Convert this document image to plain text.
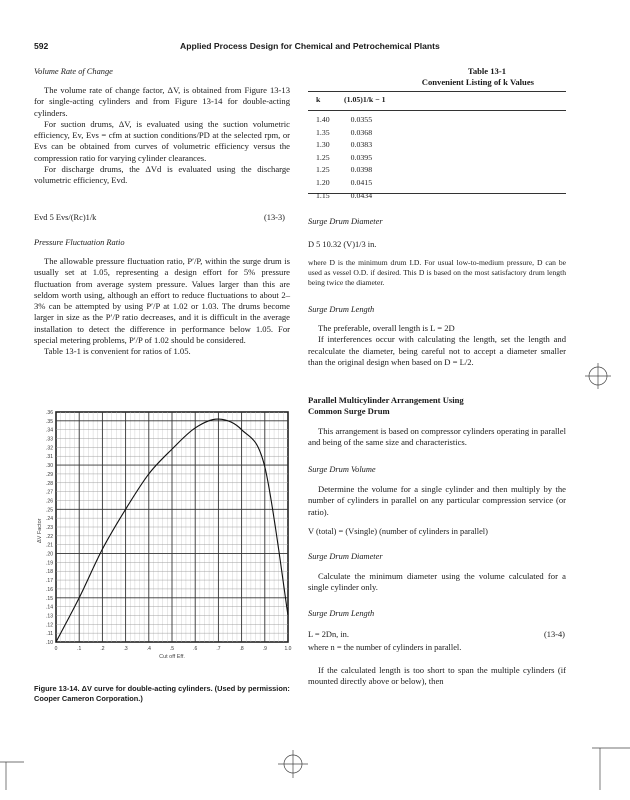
592	Applied Process Design for Chemical and Petrochemical Plants
Volume Rate of Change

The volume rate of change factor, ΔV, is obtained from Figure 13-13 for single-acting cylinders and from Figure 13-14 for double-acting cylinders.

For suction drums, ΔV, is evaluated using the suction volumetric efficiency, Ev, Evs = cfm at suction conditions/PD at the selected rpm, or Evs can be obtained from curves of volumetric efficiency versus the compression ratio for varying cylinder clearances.

For discharge drums, the ΔVd is evaluated using the discharge volumetric efficiency, Evd.

Evd 5 Evs/(Rc)1/k	(13-3)
Pressure Fluctuation Ratio

The allowable pressure fluctuation ratio, P′/P, within the surge drum is usually set at 1.05, representing a design effort for 5% pressure fluctuation from average system pressure. Values larger than this are seldom worth using, although an effort to reduce fluctuations to about 2–3% can be attempted by using P′/P at 1.02 or 1.03. The drums become larger in size as the P′/P ratio decreases, and it is difficult in the average installation to detect the difference in performance below 1.05. For special metering problems, P′/P of 1.02 should be considered.

Table 13-1 is convenient for ratios of 1.05.

.36
.35
.34
.33
.32
.31
.30
.29
.28
.27
.26
.25
.24
.23
.22
.21
.20
.19
.18
.17
.16
.15
.14
.13
.12
.11
.10
0	.1	.2	.3	.4	.5	.6	.7	.8	.9	1.0
ΔV Factor
Cut off Eff.
Figure 13-14. ΔV curve for double-acting cylinders. (Used by permission: Cooper Cameron Corporation.)
Table 13-1
Convenient Listing of k Values
k	(1.05)1/k − 1
1.40	0.0355
1.35	0.0368
1.30	0.0383
1.25	0.0395
1.25	0.0398
1.20	0.0415
1.15	0.0434
Surge Drum Diameter
D 5 10.32 (V)1/3 in.
where D is the minimum drum I.D. For usual low-to-medium pressure, D can be used as vessel O.D. if desired. This D is based on the most satisfactory drum length being twice the diameter.
Surge Drum Length

The preferable, overall length is L = 2D

If interferences occur with calculating the length, set the length and recalculate the diameter, being careful not to accept a diameter smaller than the original design when based on D = L/2.

Parallel Multicylinder Arrangement Using
Common Surge Drum

This arrangement is based on compressor cylinders operating in parallel and being of the same size and characteristics.

Surge Drum Volume

Determine the volume for a single cylinder and then multiply by the number of cylinders in parallel on any particular compression service (or ratio).

V (total) = (Vsingle) (number of cylinders in parallel)
Surge Drum Diameter

Calculate the minimum diameter using the volume calculated for a single cylinder only.

Surge Drum Length
L = 2Dn, in.	(13-4)
where n = the number of cylinders in parallel.

If the calculated length is too short to span the multiple cylinders (if mounted directly above or below), then
